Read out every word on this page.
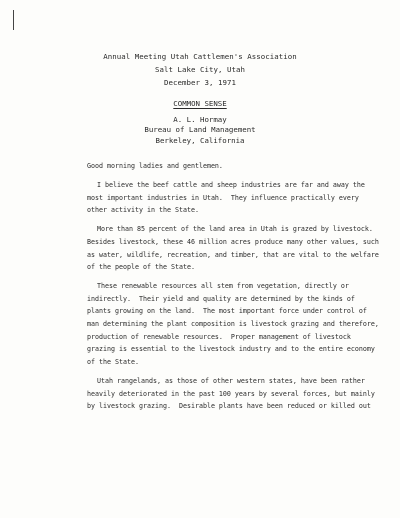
Annual Meeting Utah Cattlemen's Association
Salt Lake City, Utah
December 3, 1971
COMMON SENSE
A. L. Hormay
Bureau of Land Management
Berkeley, California
Good morning ladies and gentlemen.
I believe the beef cattle and sheep industries are far and away the
most important industries in Utah.  They influence practically every
other activity in the State.
More than 85 percent of the land area in Utah is grazed by livestock.
Besides livestock, these 46 million acres produce many other values, such
as water, wildlife, recreation, and timber, that are vital to the welfare
of the people of the State.
These renewable resources all stem from vegetation, directly or
indirectly.  Their yield and quality are determined by the kinds of
plants growing on the land.  The most important force under control of
man determining the plant composition is livestock grazing and therefore,
production of renewable resources.  Proper management of livestock
grazing is essential to the livestock industry and to the entire economy
of the State.
Utah rangelands, as those of other western states, have been rather
heavily deteriorated in the past 100 years by several forces, but mainly
by livestock grazing.  Desirable plants have been reduced or killed out
